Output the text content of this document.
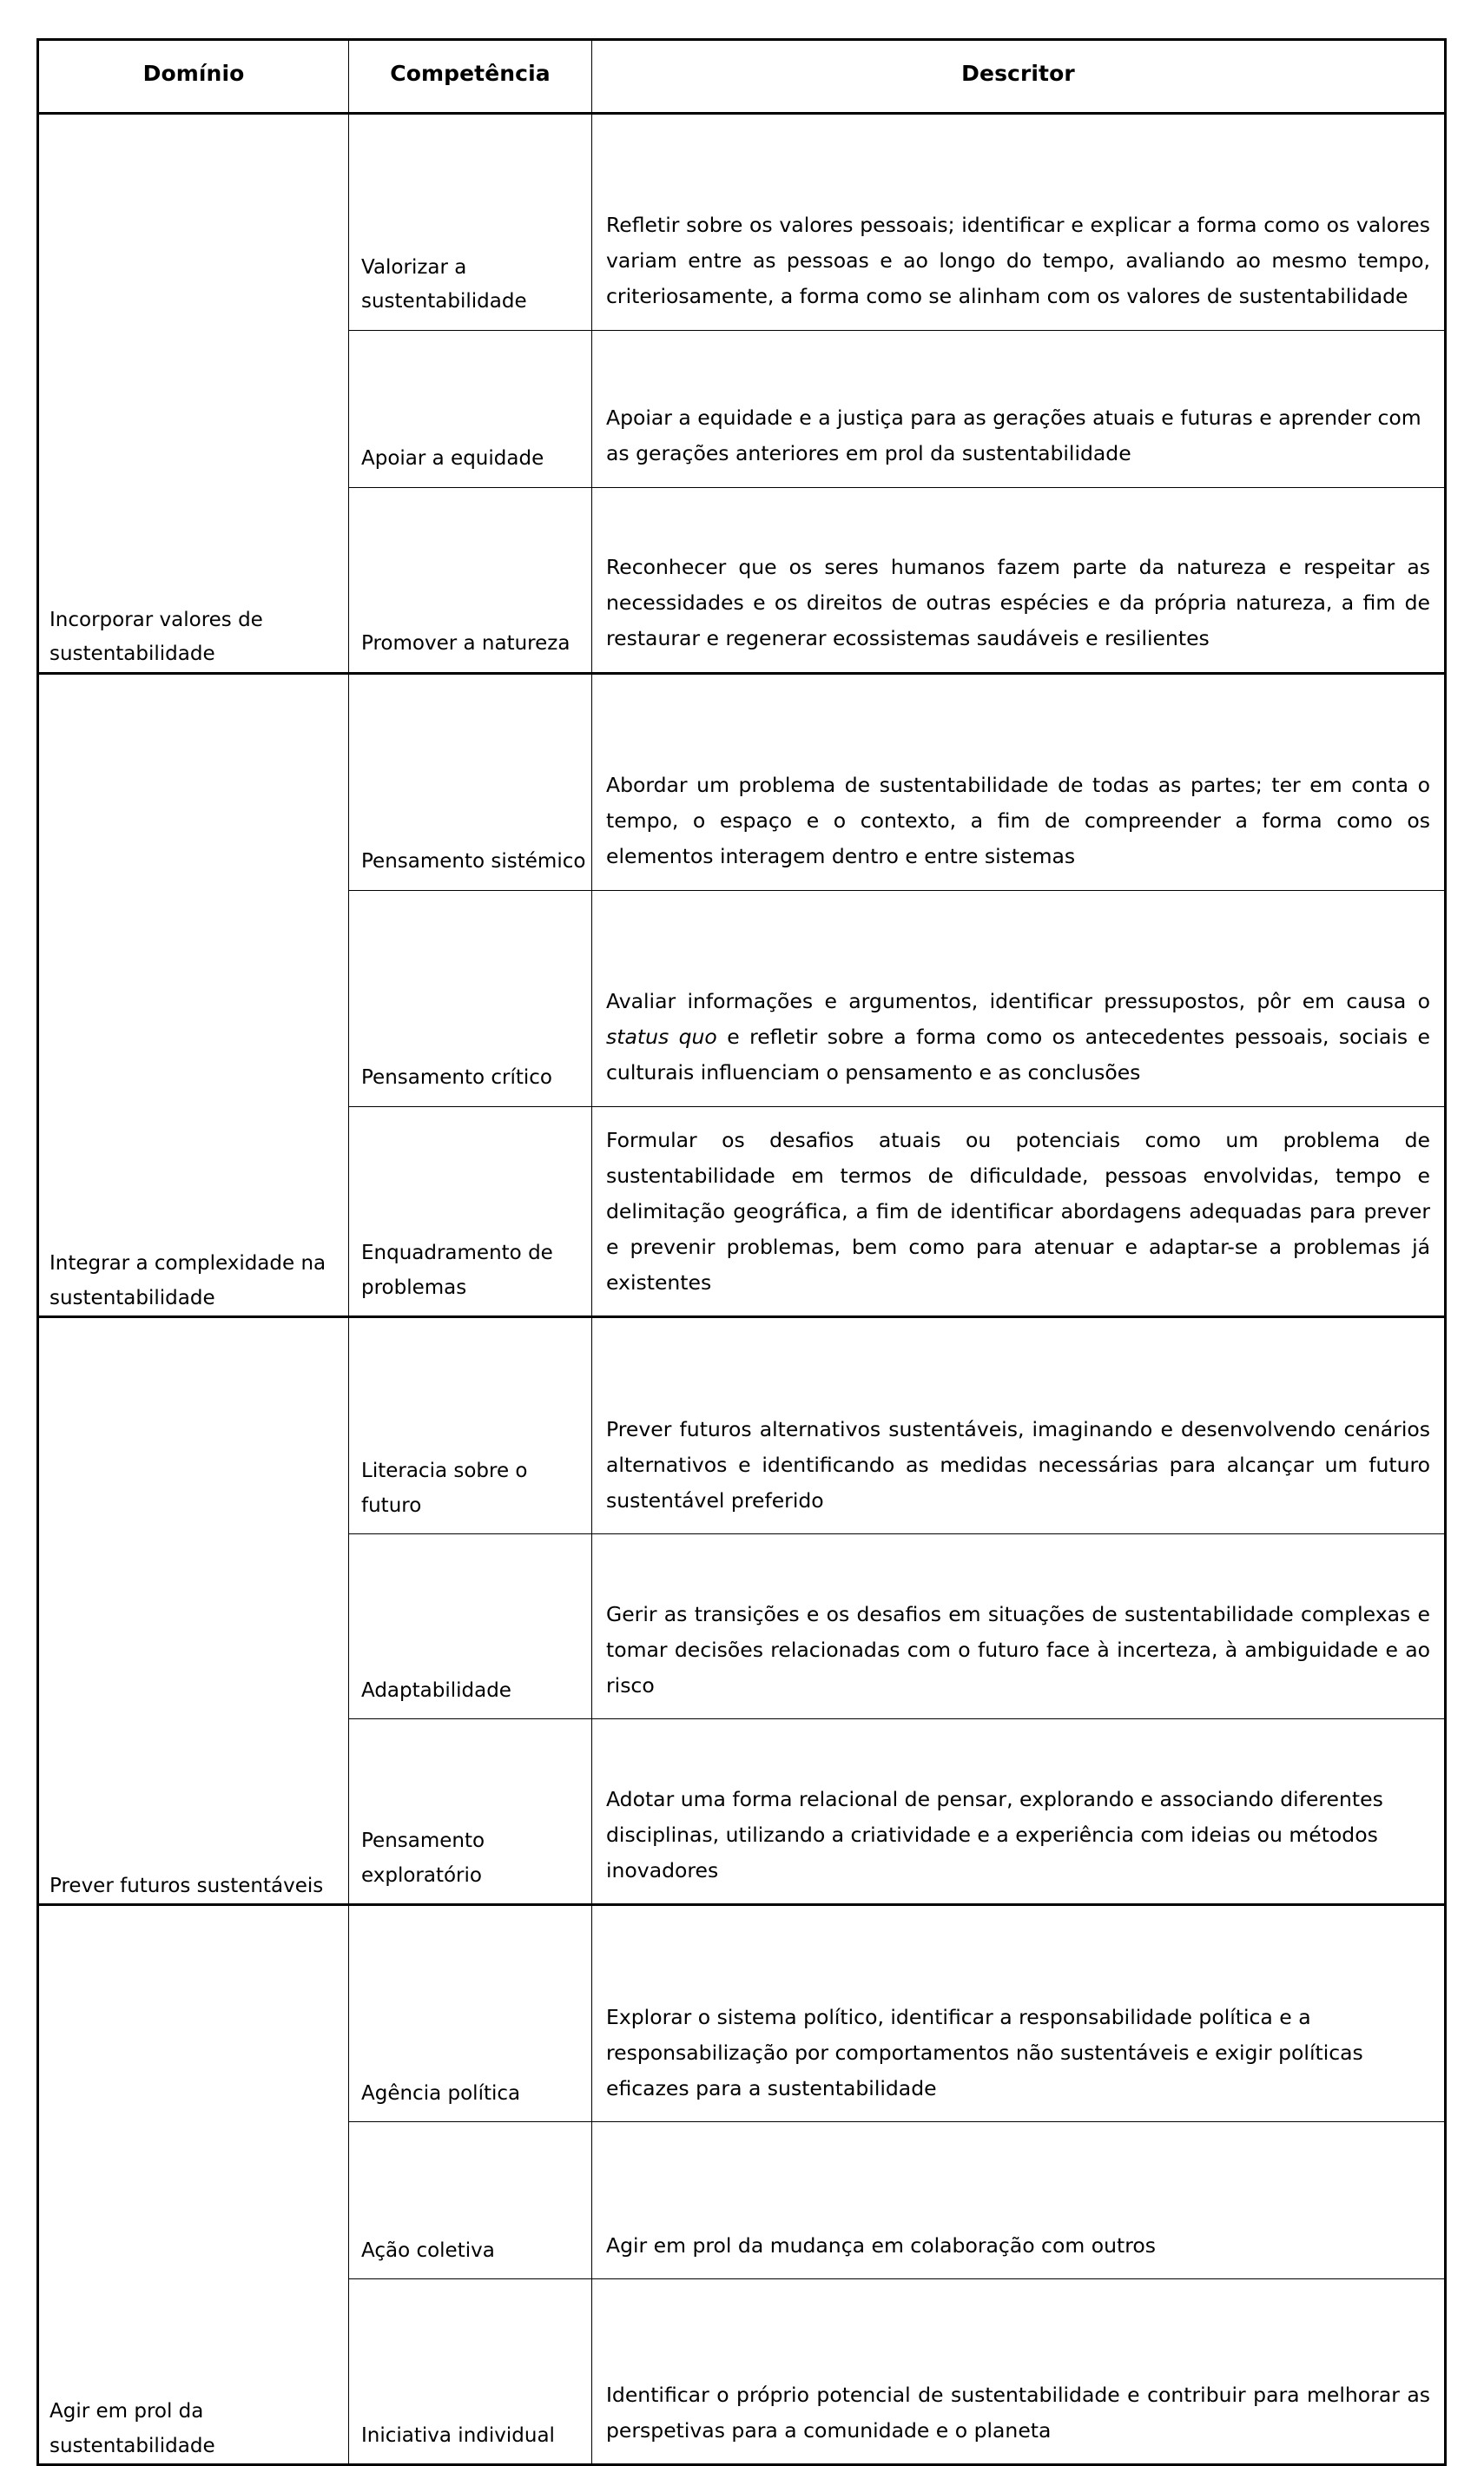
Domínio	Competência	Descritor

Incorporar valores de sustentabilidade	Valorizar a sustentabilidade	Refletir sobre os valores pessoais; identificar e explicar a forma como os valores variam entre as pessoas e ao longo do tempo, avaliando ao mesmo tempo, criteriosamente, a forma como se alinham com os valores de sustentabilidade

	Apoiar a equidade	Apoiar a equidade e a justiça para as gerações atuais e futuras e aprender com as gerações anteriores em prol da sustentabilidade

	Promover a natureza	Reconhecer que os seres humanos fazem parte da natureza e respeitar as necessidades e os direitos de outras espécies e da própria natureza, a fim de restaurar e regenerar ecossistemas saudáveis e resilientes

Integrar a complexidade na sustentabilidade	Pensamento sistémico	Abordar um problema de sustentabilidade de todas as partes; ter em conta o tempo, o espaço e o contexto, a fim de compreender a forma como os elementos interagem dentro e entre sistemas

	Pensamento crítico	Avaliar informações e argumentos, identificar pressupostos, pôr em causa o status quo e refletir sobre a forma como os antecedentes pessoais, sociais e culturais influenciam o pensamento e as conclusões

	Enquadramento de problemas	Formular os desafios atuais ou potenciais como um problema de sustentabilidade em termos de dificuldade, pessoas envolvidas, tempo e delimitação geográfica, a fim de identificar abordagens adequadas para prever e prevenir problemas, bem como para atenuar e adaptar-se a problemas já existentes

Prever futuros sustentáveis	Literacia sobre o futuro	Prever futuros alternativos sustentáveis, imaginando e desenvolvendo cenários alternativos e identificando as medidas necessárias para alcançar um futuro sustentável preferido

	Adaptabilidade	Gerir as transições e os desafios em situações de sustentabilidade complexas e tomar decisões relacionadas com o futuro face à incerteza, à ambiguidade e ao risco

	Pensamento exploratório	Adotar uma forma relacional de pensar, explorando e associando diferentes disciplinas, utilizando a criatividade e a experiência com ideias ou métodos inovadores

Agir em prol da sustentabilidade	Agência política	Explorar o sistema político, identificar a responsabilidade política e a responsabilização por comportamentos não sustentáveis e exigir políticas eficazes para a sustentabilidade

	Ação coletiva	Agir em prol da mudança em colaboração com outros

	Iniciativa individual	Identificar o próprio potencial de sustentabilidade e contribuir para melhorar as perspetivas para a comunidade e o planeta
